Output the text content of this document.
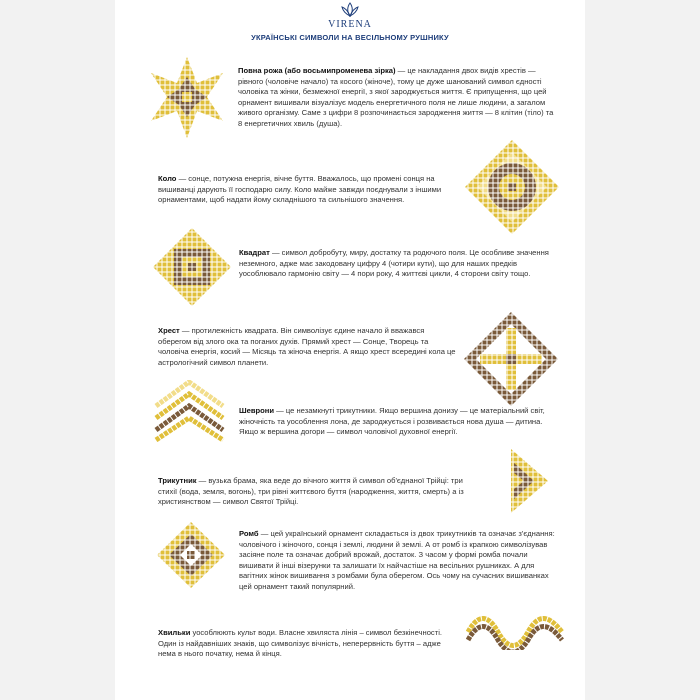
VIRENA
УКРАЇНСЬКІ СИМВОЛИ НА ВЕСІЛЬНОМУ РУШНИКУ
Повна рожа (або восьмипроменева зірка) — це накладання двох видів хрестів — рівного (чоловіче начало) та косого (жіноче), тому це дуже шанований символ єдності чоловіка та жінки, безмежної енергії, з якої зароджується життя. Є припущення, що цей орнамент вишивали візуалізує модель енергетичного поля не лише людини, а загалом живого організму. Саме з цифри 8 розпочинається зародження життя — 8 клітин (тіло) та 8 енергетичних хвиль (душа).
Коло — сонце, потужна енергія, вічне буття. Вважалось, що промені сонця на вишиванці дарують її господарю силу. Коло майже завжди поєднували з іншими орнаментами, щоб надати йому складнішого та сильнішого значення.
Квадрат — символ добробуту, миру, достатку та родючого поля. Це особливе значення неземного, адже має закодовану цифру 4 (чотири кути), що для наших предків уособлювало гармонію світу — 4 пори року, 4 життєві цикли, 4 сторони світу тощо.
Хрест — протилежність квадрата. Він символізує єдине начало й вважався оберегом від злого ока та поганих духів. Прямий хрест — Сонце, Творець та чоловіча енергія, косий — Місяць та жіноча енергія. А якщо хрест всередині кола це астрологічний символ планети.
Шеврони — це незамкнуті трикутники. Якщо вершина донизу — це матеріальний світ, жіночність та уособлення лона, де зароджується і розвивається нова душа — дитина. Якщо ж вершина догори — символ чоловічої духовної енергії.
Трикутник — вузька брама, яка веде до вічного життя й символ об'єднаної Трійці: три стихії (вода, земля, вогонь), три рівні життєвого буття (народження, життя, смерть) а із християнством — символ Святої Трійці.
Ромб — цей український орнамент складається із двох трикутників та означає з'єднання: чоловічого і жіночого, сонця і землі, людини й землі. А от ромб із крапкою символізував засіяне поле та означає добрий врожай, достаток. З часом у формі ромба почали вишивати й інші візерунки та залишати їх найчастіше на весільних рушниках. А для вагітних жінок вишивання з ромбами була оберегом. Ось чому на сучасних вишиванках цей орнамент такий популярний.
Хвильки уособлюють культ води. Власне хвиляста лінія – символ безкінечності. Один із найдавніших знаків, що символізує вічність, неперервність буття – адже нема в нього початку, нема й кінця.
